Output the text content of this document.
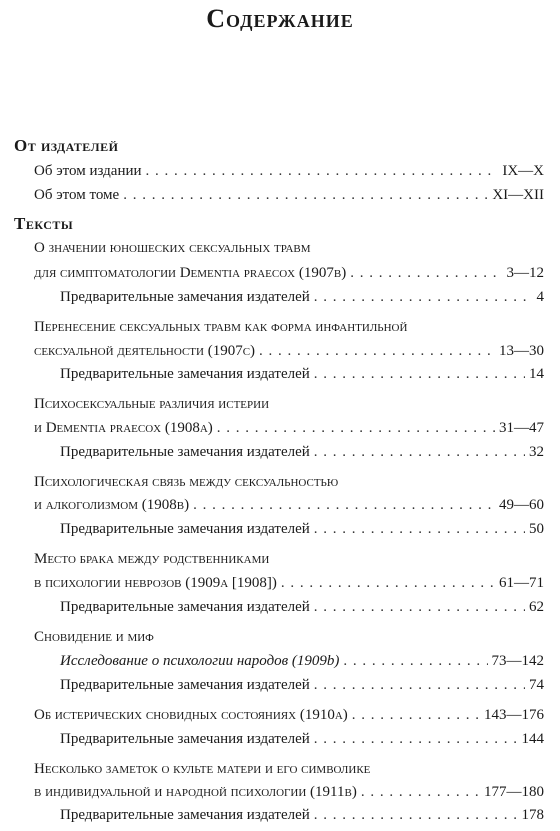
Содержание
От издателей
Об этом издании . . .	IX—X
Об этом томе . . .	XI—XII
Тексты
О значении юношеских сексуальных травм
для симптоматологии Dementia praecox (1907b) . . .	3—12
Предварительные замечания издателей . . .	4
Перенесение сексуальных травм как форма инфантильной
сексуальной деятельности (1907c) . . .	13—30
Предварительные замечания издателей . . .	14
Психосексуальные различия истерии
и Dementia praecox (1908a) . . .	31—47
Предварительные замечания издателей . . .	32
Психологическая связь между сексуальностью
и алкоголизмом (1908b) . . .	49—60
Предварительные замечания издателей . . .	50
Место брака между родственниками
в психологии неврозов (1909a [1908]) . . .	61—71
Предварительные замечания издателей . . .	62
Сновидение и миф
Исследование о психологии народов (1909b) . . .	73—142
Предварительные замечания издателей . . .	74
Об истерических сновидных состояниях (1910a) . . .	143—176
Предварительные замечания издателей . . .	144
Несколько заметок о культе матери и его символике
в индивидуальной и народной психологии (1911b) . . .	177—180
Предварительные замечания издателей . . .	178
